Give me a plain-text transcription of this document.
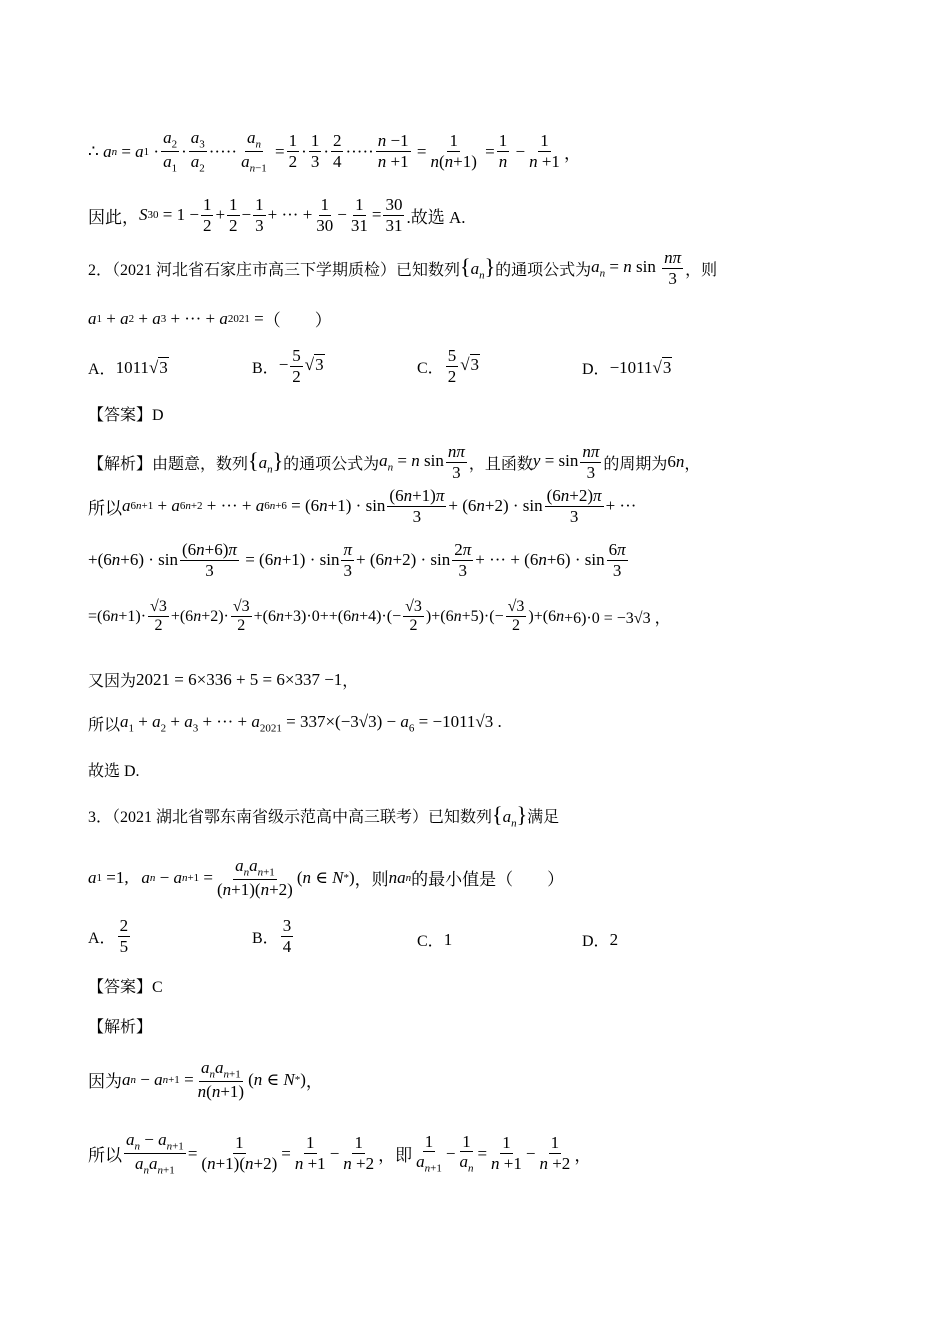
∴ a n = a $1 \cdot \frac{a_2}{a_1} \cdot \frac{a_3}{a_2}$ ····· $\frac{a_n}{a_{n-1}} = \frac{1}{2} \cdot \frac{1}{3} \cdot \frac{2}{4}$ ····· $\frac{n -1}{n +1} = \frac{1}{n(n+1)} = \frac{1}{n} - \frac{1}{n +1}$ ，
因此， S $30 = 1 - \frac{1}{2} + \frac{1}{2} - \frac{1}{3}$ + ··· + $\frac{1}{30} - \frac{1}{31} = \frac{30}{31}$ .故选 A.
2．（2021 河北省石家庄市高三下学期质检）已知数列 $\{a_n\}$ 的通项公式为 $a_n = n$ $\sin \frac{n\pi}{3}$ ，则
a 1 + a 2 + a 3 + ··· + a 2021 = （　　）
A． 1011√ 3	B． − $\frac{5}{2}$ √ 3	C． $\frac{5}{2}$ √ 3	D． −1011√ 3
【答案】D
【解析】由题意，数列 $\{a_n\}$ 的通项公式为 $a_n = n$ $\sin \frac{n\pi}{3}$ ，且函数 $y = \sin \frac{n\pi}{3}$ 的周期为 6n ，
所以 a 6n+1 + a 6n+2 + ··· + a 6n+6 = (6 $n +1) \cdot \sin \frac{(6n+1)\pi}{3} + (6$ $n +2) \cdot \sin \frac{(6n+2)\pi}{3}$ + ···
+(6 $n +6) \cdot \sin \frac{(6n+6)\pi}{3} = (6$ $n +1) \cdot \sin \frac{\pi}{3} + (6$ $n +2) \cdot \sin \frac{2\pi}{3}$ + ··· + (6 $n +6) \cdot \sin \frac{6\pi}{3}$
=(6 $n +1)\cdot \frac{√3}{2} +(6$ $n +2)\cdot \frac{√3}{2} +(6$ n +3)·0++(6 $n +4)\cdot(- \frac{√3}{2} )+(6$ $n +5)\cdot(- \frac{√3}{2} )+(6$ n +6)·0 = −3√3 ，
又因为 2021 = 6×336 + 5 = 6×337 −1 ，
所以 $a_1 + a_2 + a_3$ + ··· + $a_{2021} = 337\times(-3√3) - a_6 = -1011√3$ .
故选 D.
3．（2021 湖北省鄂东南省级示范高中高三联考）已知数列 $\{a_n\}$ 满足
a 1 =1, a n − a $n+1 = \frac{a_na_{n+1}}{(n+1)(n+2)}$ ( n ∈ N * ) ，则 n a n 的最小值是（　　）
A． $\frac{2}{5}$	B． $\frac{3}{4}$	C． 1	D． 2
【答案】C
【解析】
因为 a n − a $n+1 = \frac{a_na_{n+1}}{n(n+1)}$ ( n ∈ N * ) ，
所以 $\frac{a_n - a_{n+1}}{a_na_{n+1}} = \frac{1}{(n+1)(n+2)} = \frac{1}{n +1} - \frac{1}{n +2}$ ，即 $\frac{1}{a_{n+1}} - \frac{1}{a_n} = \frac{1}{n +1} - \frac{1}{n +2}$ ，
